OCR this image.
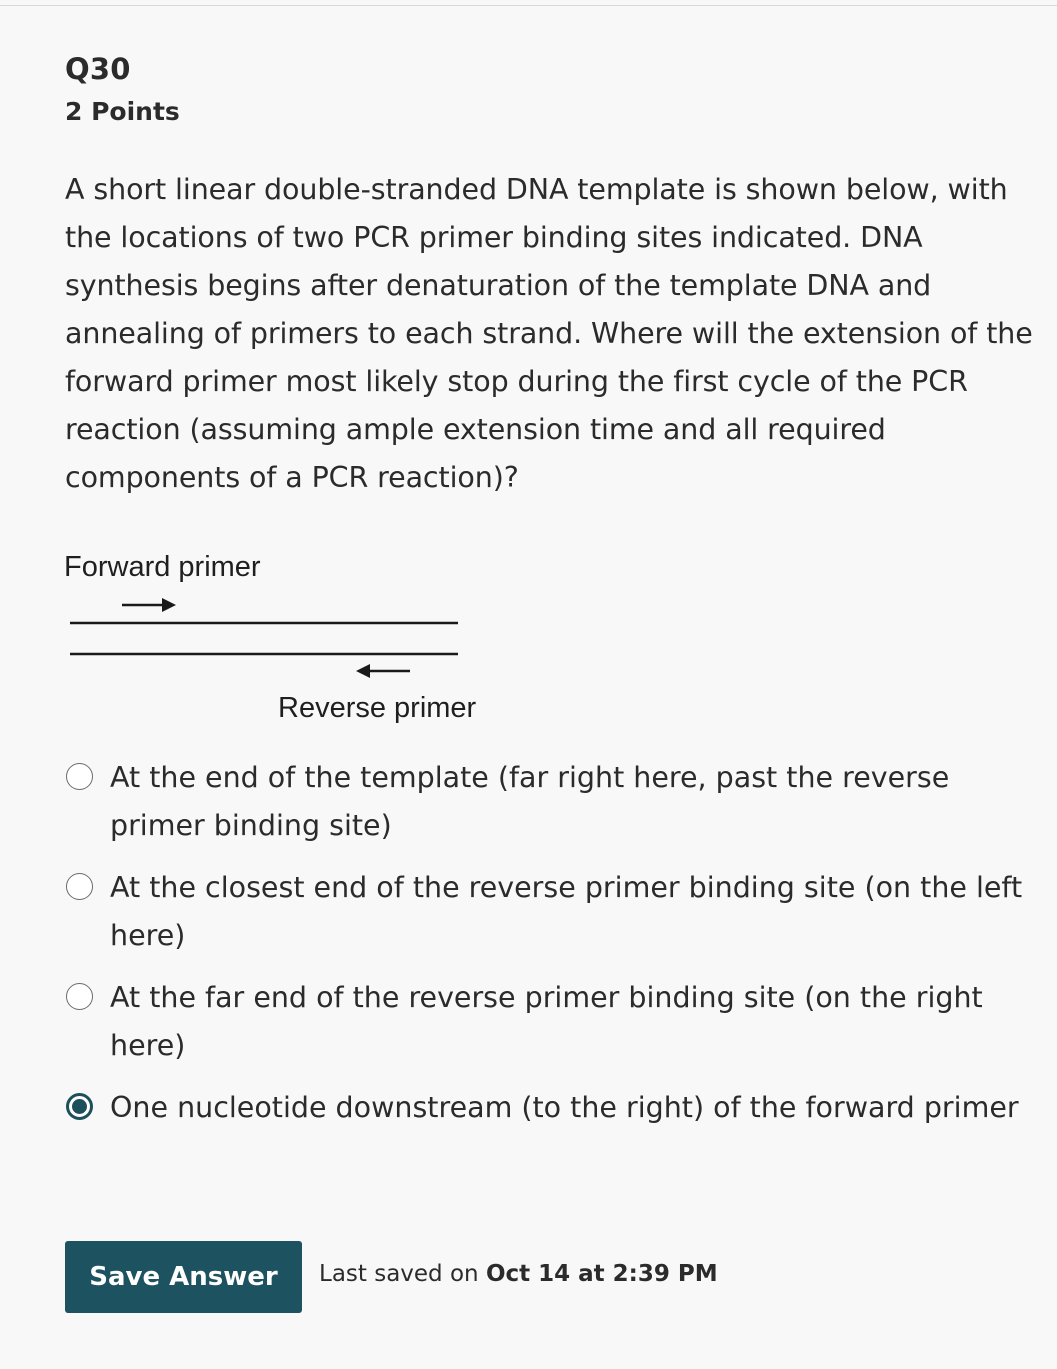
Q30
2 Points
A short linear double-stranded DNA template is shown below, with the locations of two PCR primer binding sites indicated. DNA synthesis begins after denaturation of the template DNA and annealing of primers to each strand. Where will the extension of the forward primer most likely stop during the first cycle of the PCR reaction (assuming ample extension time and all required components of a PCR reaction)?
Forward primer
Reverse primer
At the end of the template (far right here, past the reverse primer binding site)
At the closest end of the reverse primer binding site (on the left here)
At the far end of the reverse primer binding site (on the right here)
One nucleotide downstream (to the right) of the forward primer
Save Answer	Last saved on Oct 14 at 2:39 PM
